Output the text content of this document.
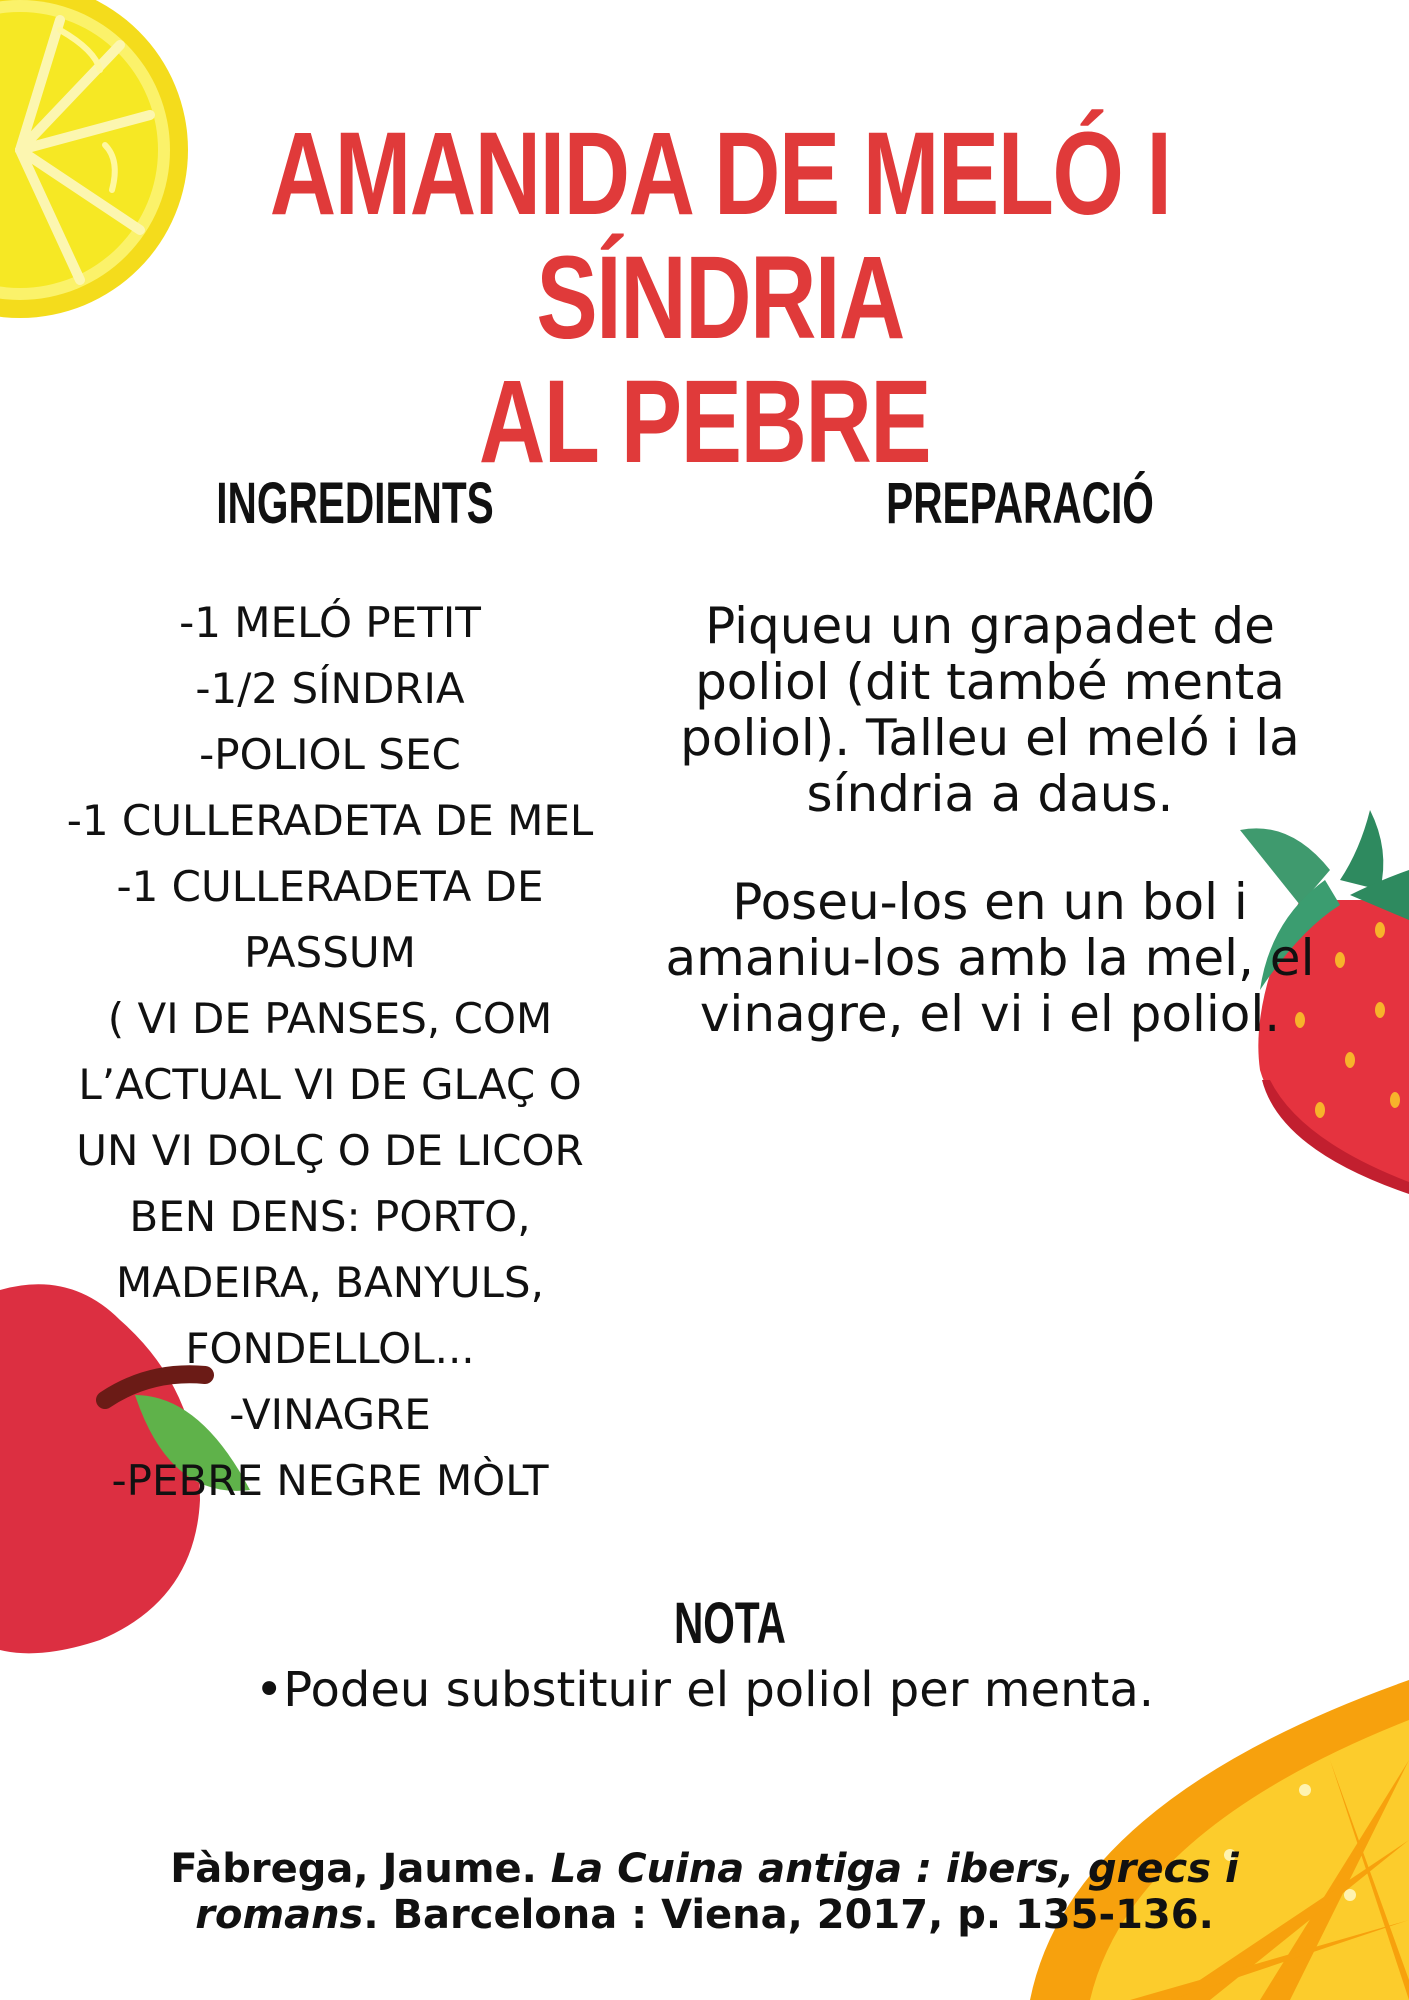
AMANIDA DE MELÓ I SÍNDRIA
AL PEBRE
INGREDIENTS	PREPARACIÓ
-1 MELÓ PETIT
-1/2 SÍNDRIA
-POLIOL SEC
-1 CULLERADETA DE MEL
-1 CULLERADETA DE
PASSUM
( VI DE PANSES, COM
L’ACTUAL VI DE GLAÇ O
UN VI DOLÇ O DE LICOR
BEN DENS: PORTO,
MADEIRA, BANYULS,
FONDELLOL...
-VINAGRE
-PEBRE NEGRE MÒLT

Piqueu un grapadet de poliol (dit també menta poliol). Talleu el meló i la síndria a daus.

Poseu-los en un bol i amaniu-los amb la mel, el vinagre, el vi i el poliol.

NOTA
•Podeu substituir el poliol per menta.
Fàbrega, Jaume. La Cuina antiga : ibers, grecs i
romans. Barcelona : Viena, 2017, p. 135-136.
